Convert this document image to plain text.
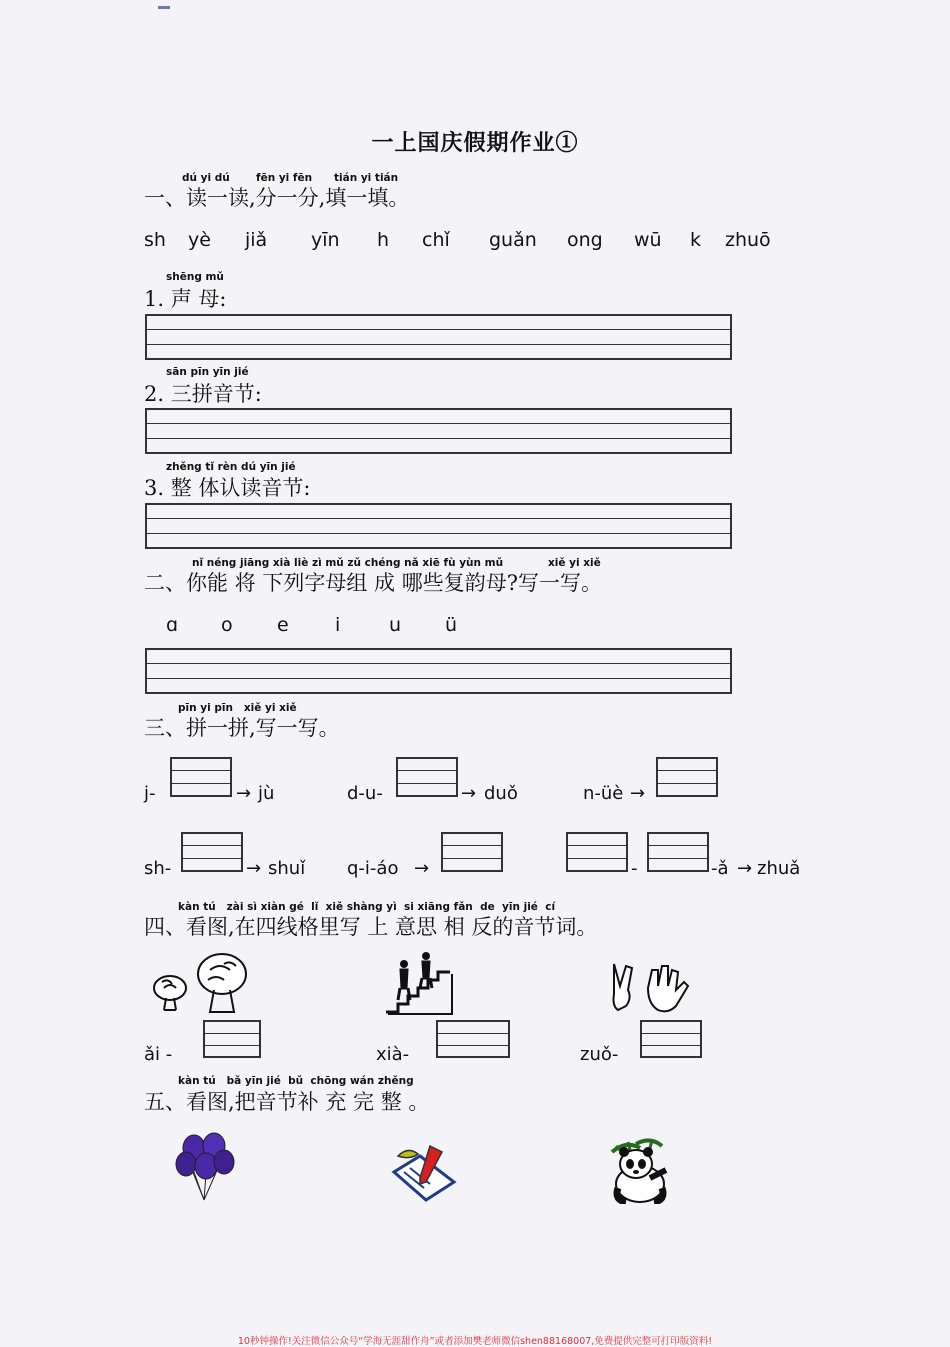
一上国庆假期作业①
dú yi dú	fēn yi fēn tián yi tián
一、读一读,分一分,填一填。
sh yè jiǎ yīn h chǐ guǎn ong wū k zhuō
shēng mǔ
1. 声 母:
sān pīn yīn jié
2. 三拼音节:
zhěng tǐ rèn dú yīn jié
3. 整 体认读音节:
nǐ néng jiāng xià liè zì mǔ zǔ chéng nǎ xiē fù yùn mǔ	xiě yi xiě
二、你能 将 下列字母组 成 哪些复韵母?写一写。
ɑ o e i	u ü
pīn yi pīn   xiě yi xiě
三、拼一拼,写一写。
j-	→ jù	d-u-	→ duǒ	n-üè →
sh-	→ shuǐ q-i-áo →	-	-ǎ → zhuǎ
kàn tú   zài sì xiàn gé  lǐ  xiě shàng yì  si xiāng fǎn  de  yīn jié  cí
四、看图,在四线格里写 上 意思 相 反的音节词。
ǎi -	xià-	zuǒ-
kàn tú   bǎ yīn jié  bǔ  chōng wán zhěng
五、看图,把音节补 充 完 整 。
10秒钟操作!关注微信公众号“学海无涯甜作舟”或者添加樊老师微信shen88168007,免费提供完整可打印版资料!
